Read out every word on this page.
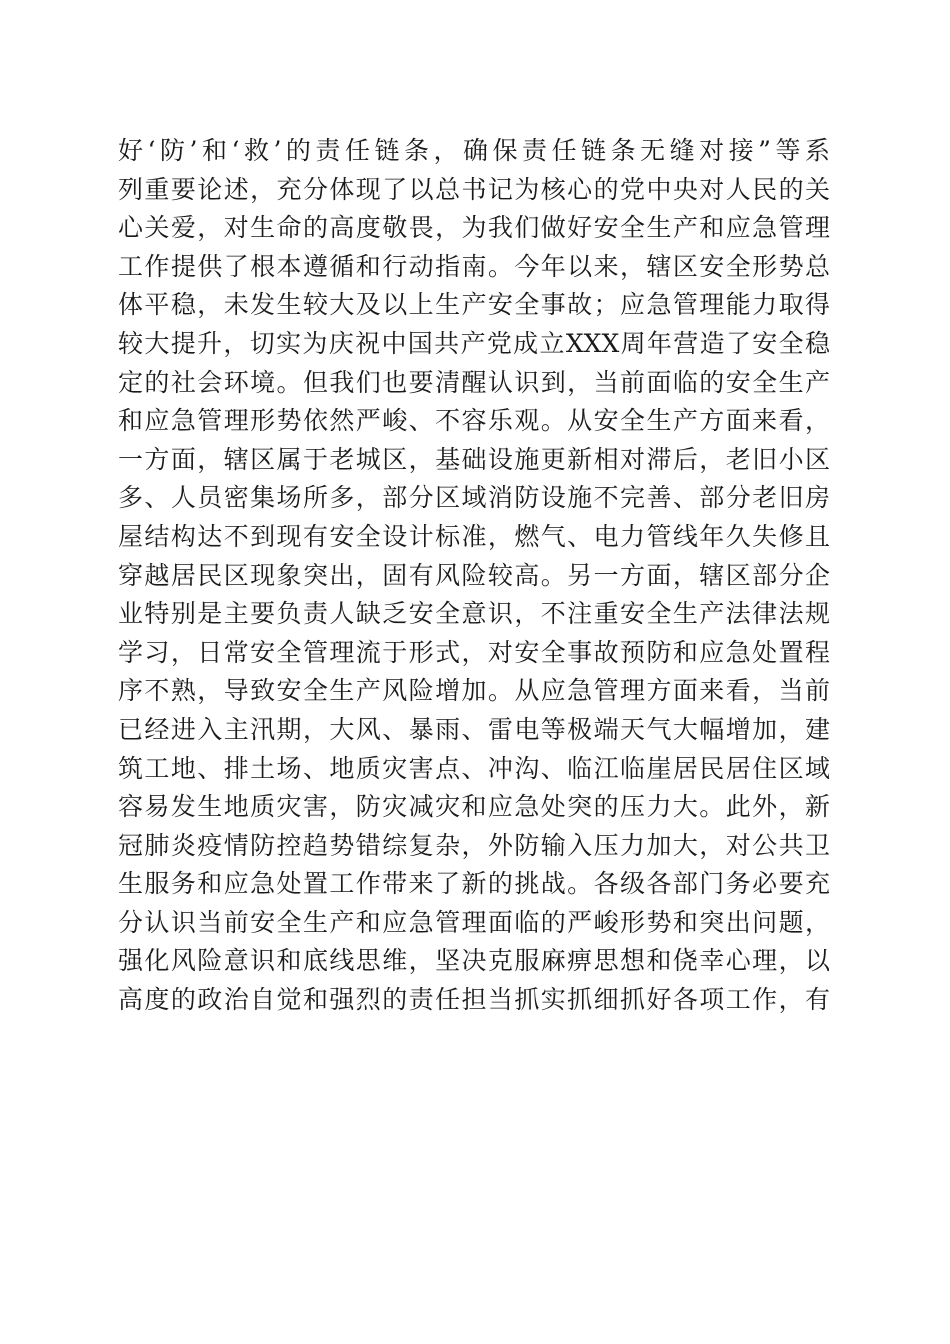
好‘防’和‘救’的责任链条，确保责任链条无缝对接”等系
列重要论述，充分体现了以总书记为核心的党中央对人民的关
心关爱，对生命的高度敬畏，为我们做好安全生产和应急管理
工作提供了根本遵循和行动指南。今年以来，辖区安全形势总
体平稳，未发生较大及以上生产安全事故；应急管理能力取得
较大提升，切实为庆祝中国共产党成立XXX周年营造了安全稳
定的社会环境。但我们也要清醒认识到，当前面临的安全生产
和应急管理形势依然严峻、不容乐观。从安全生产方面来看，
一方面，辖区属于老城区，基础设施更新相对滞后，老旧小区
多、人员密集场所多，部分区域消防设施不完善、部分老旧房
屋结构达不到现有安全设计标准，燃气、电力管线年久失修且
穿越居民区现象突出，固有风险较高。另一方面，辖区部分企
业特别是主要负责人缺乏安全意识，不注重安全生产法律法规
学习，日常安全管理流于形式，对安全事故预防和应急处置程
序不熟，导致安全生产风险增加。从应急管理方面来看，当前
已经进入主汛期，大风、暴雨、雷电等极端天气大幅增加，建
筑工地、排土场、地质灾害点、冲沟、临江临崖居民居住区域
容易发生地质灾害，防灾减灾和应急处突的压力大。此外，新
冠肺炎疫情防控趋势错综复杂，外防输入压力加大，对公共卫
生服务和应急处置工作带来了新的挑战。各级各部门务必要充
分认识当前安全生产和应急管理面临的严峻形势和突出问题，
强化风险意识和底线思维，坚决克服麻痹思想和侥幸心理，以
高度的政治自觉和强烈的责任担当抓实抓细抓好各项工作，有
